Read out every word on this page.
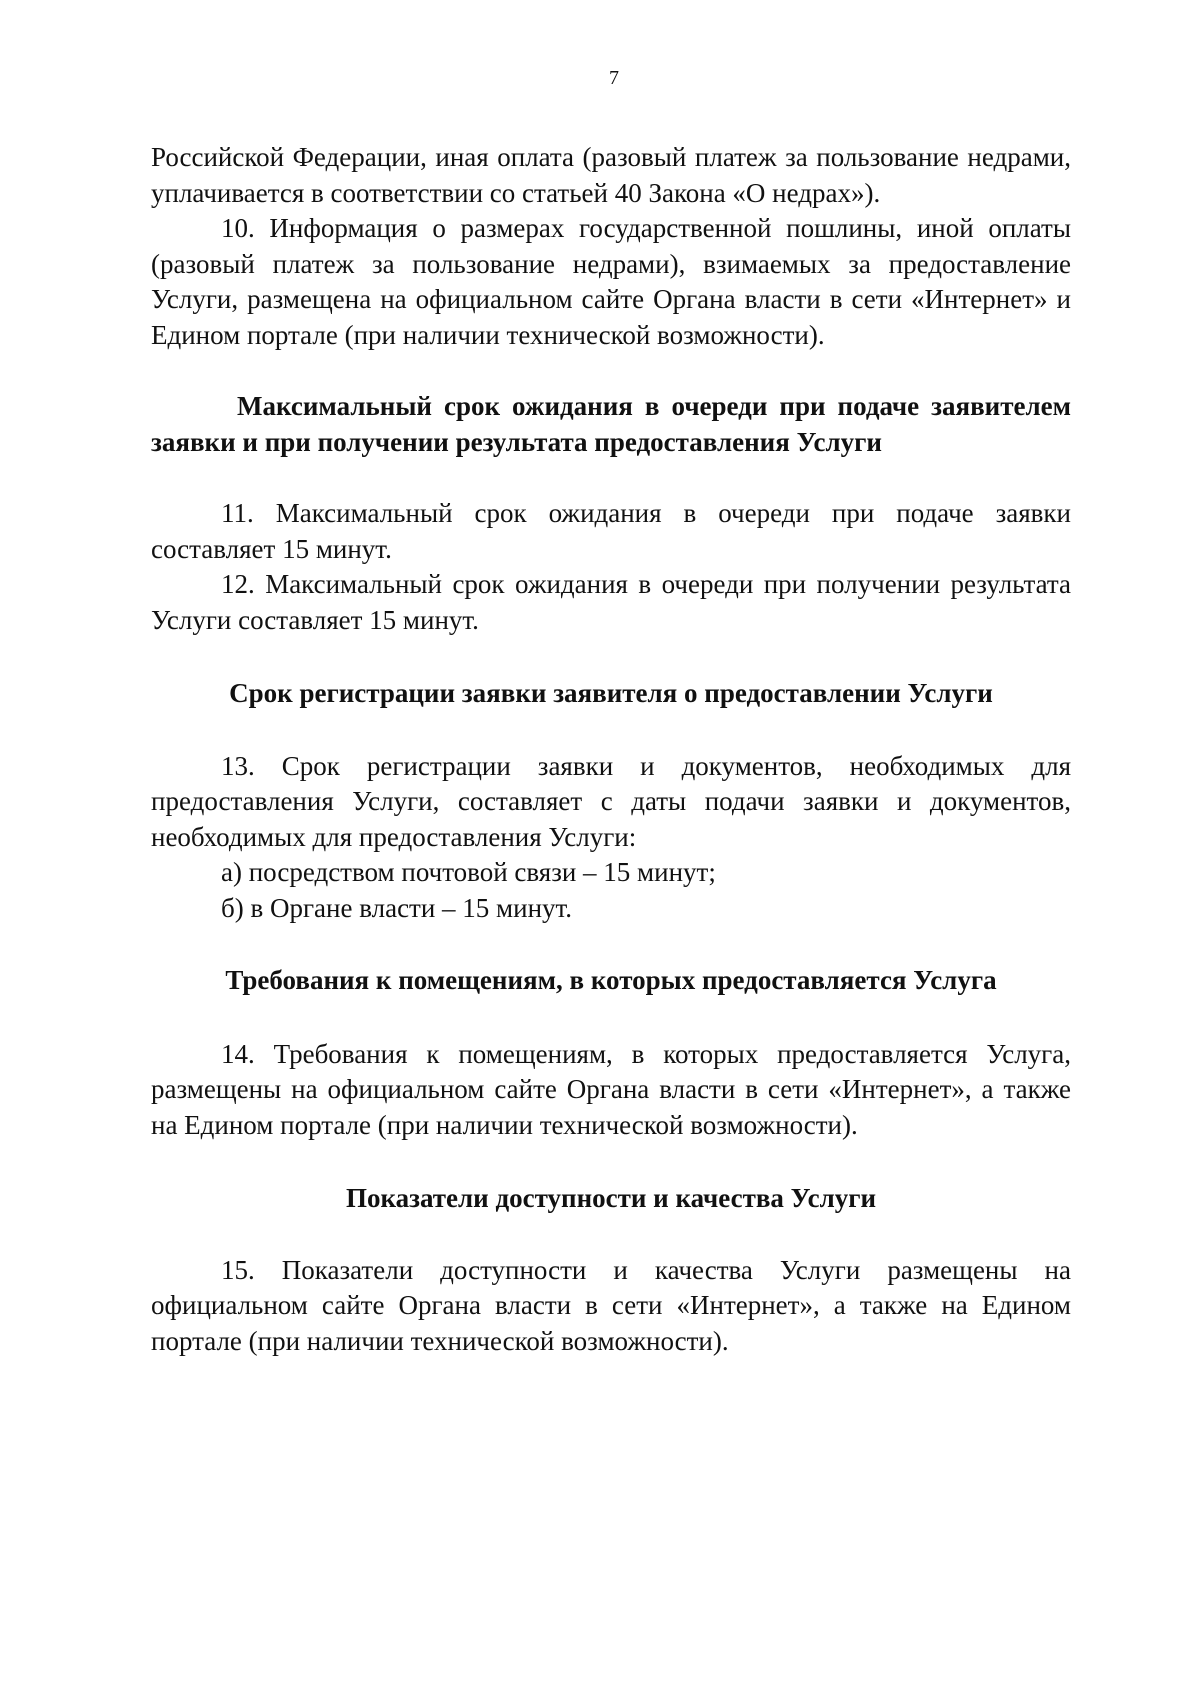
7

Российской Федерации, иная оплата (разовый платеж за пользование недрами, уплачивается в соответствии со статьей 40 Закона «О недрах»).

10. Информация о размерах государственной пошлины, иной оплаты (разовый платеж за пользование недрами), взимаемых за предоставление Услуги, размещена на официальном сайте Органа власти в сети «Интернет» и Едином портале (при наличии технической возможности).

Максимальный срок ожидания в очереди при подаче заявителем заявки и при получении результата предоставления Услуги

11. Максимальный срок ожидания в очереди при подаче заявки составляет 15 минут.

12. Максимальный срок ожидания в очереди при получении результата Услуги составляет 15 минут.

Срок регистрации заявки заявителя о предоставлении Услуги

13. Срок регистрации заявки и документов, необходимых для предоставления Услуги, составляет с даты подачи заявки и документов, необходимых для предоставления Услуги:

а) посредством почтовой связи – 15 минут;

б) в Органе власти – 15 минут.

Требования к помещениям, в которых предоставляется Услуга

14. Требования к помещениям, в которых предоставляется Услуга, размещены на официальном сайте Органа власти в сети «Интернет», а также на Едином портале (при наличии технической возможности).

Показатели доступности и качества Услуги

15. Показатели доступности и качества Услуги размещены на официальном сайте Органа власти в сети «Интернет», а также на Едином портале (при наличии технической возможности).
